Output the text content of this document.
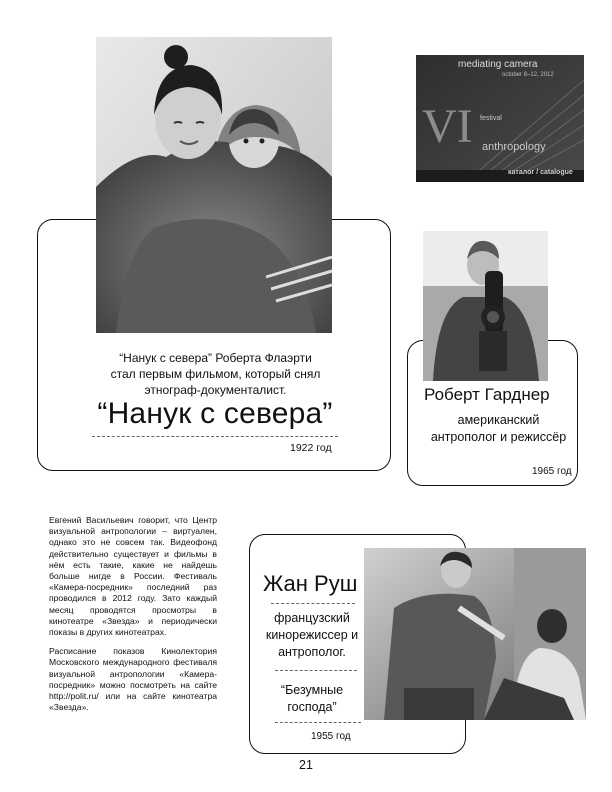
“Нанук с севера” Роберта Флаэрти стал первым фильмом, который снял этнограф-документалист.
“Нанук с севера”
1922 год
mediating camera
october 8–12, 2012
VI festival
anthropology
каталог / catalogue
Роберт Гарднер
американский антрополог и режиссёр
1965 год

Евгений Васильевич говорит, что Центр визуальной антропологии – виртуален, однако это не совсем так. Видеофонд действительно существует и фильмы в нём есть такие, какие не найдешь больше нигде в России. Фестиваль «Камера-посредник» последний раз проводился в 2012 году. Зато каждый месяц проводятся просмотры в кинотеатре «Звезда» и периодически показы в других кинотеатрах.

Расписание показов Кинолектория Московского международного фестиваля визуальной антропологии «Камера-посредник» можно посмотреть на сайте http://polit.ru/ или на сайте кинотеатра «Звезда».

Жан Руш
французский кинорежиссер и антрополог.
“Безумные господа”
1955 год
21
